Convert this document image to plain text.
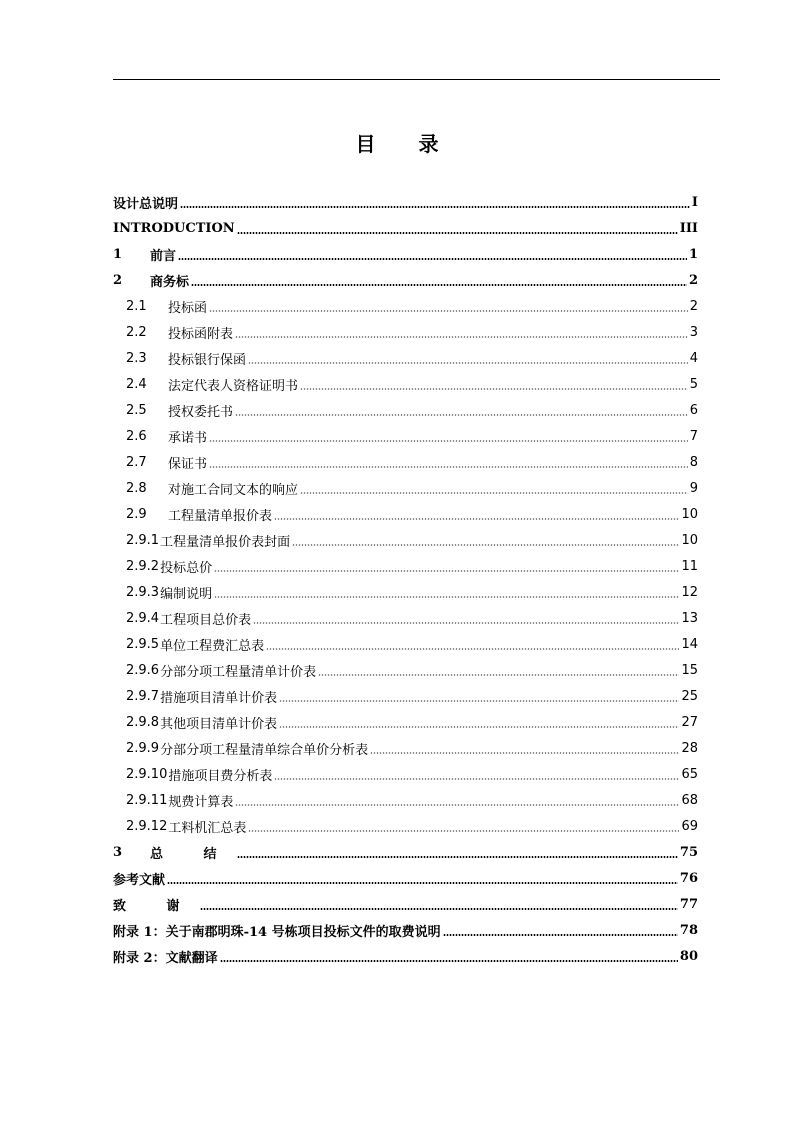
目 录
设计总说明	I
INTRODUCTION	III
1	前言	1
2	商务标	2
2.1	投标函	2
2.2	投标函附表	3
2.3	投标银行保函	4
2.4	法定代表人资格证明书	5
2.5	授权委托书	6
2.6	承诺书	7
2.7	保证书	8
2.8	对施工合同文本的响应	9
2.9	工程量清单报价表	10
2.9.1 工程量清单报价表封面	10
2.9.2 投标总价	11
2.9.3 编制说明	12
2.9.4 工程项目总价表	13
2.9.5 单位工程费汇总表	14
2.9.6 分部分项工程量清单计价表	15
2.9.7 措施项目清单计价表	25
2.9.8 其他项目清单计价表	27
2.9.9 分部分项工程量清单综合单价分析表	28
2.9.10 措施项目费分析表	65
2.9.11 规费计算表	68
2.9.12 工料机汇总表	69
3	总 结	75
参考文献	76
致 谢	77
附录 1：关于南郡明珠-14 号栋项目投标文件的取费说明	78
附录 2：文献翻译	80
